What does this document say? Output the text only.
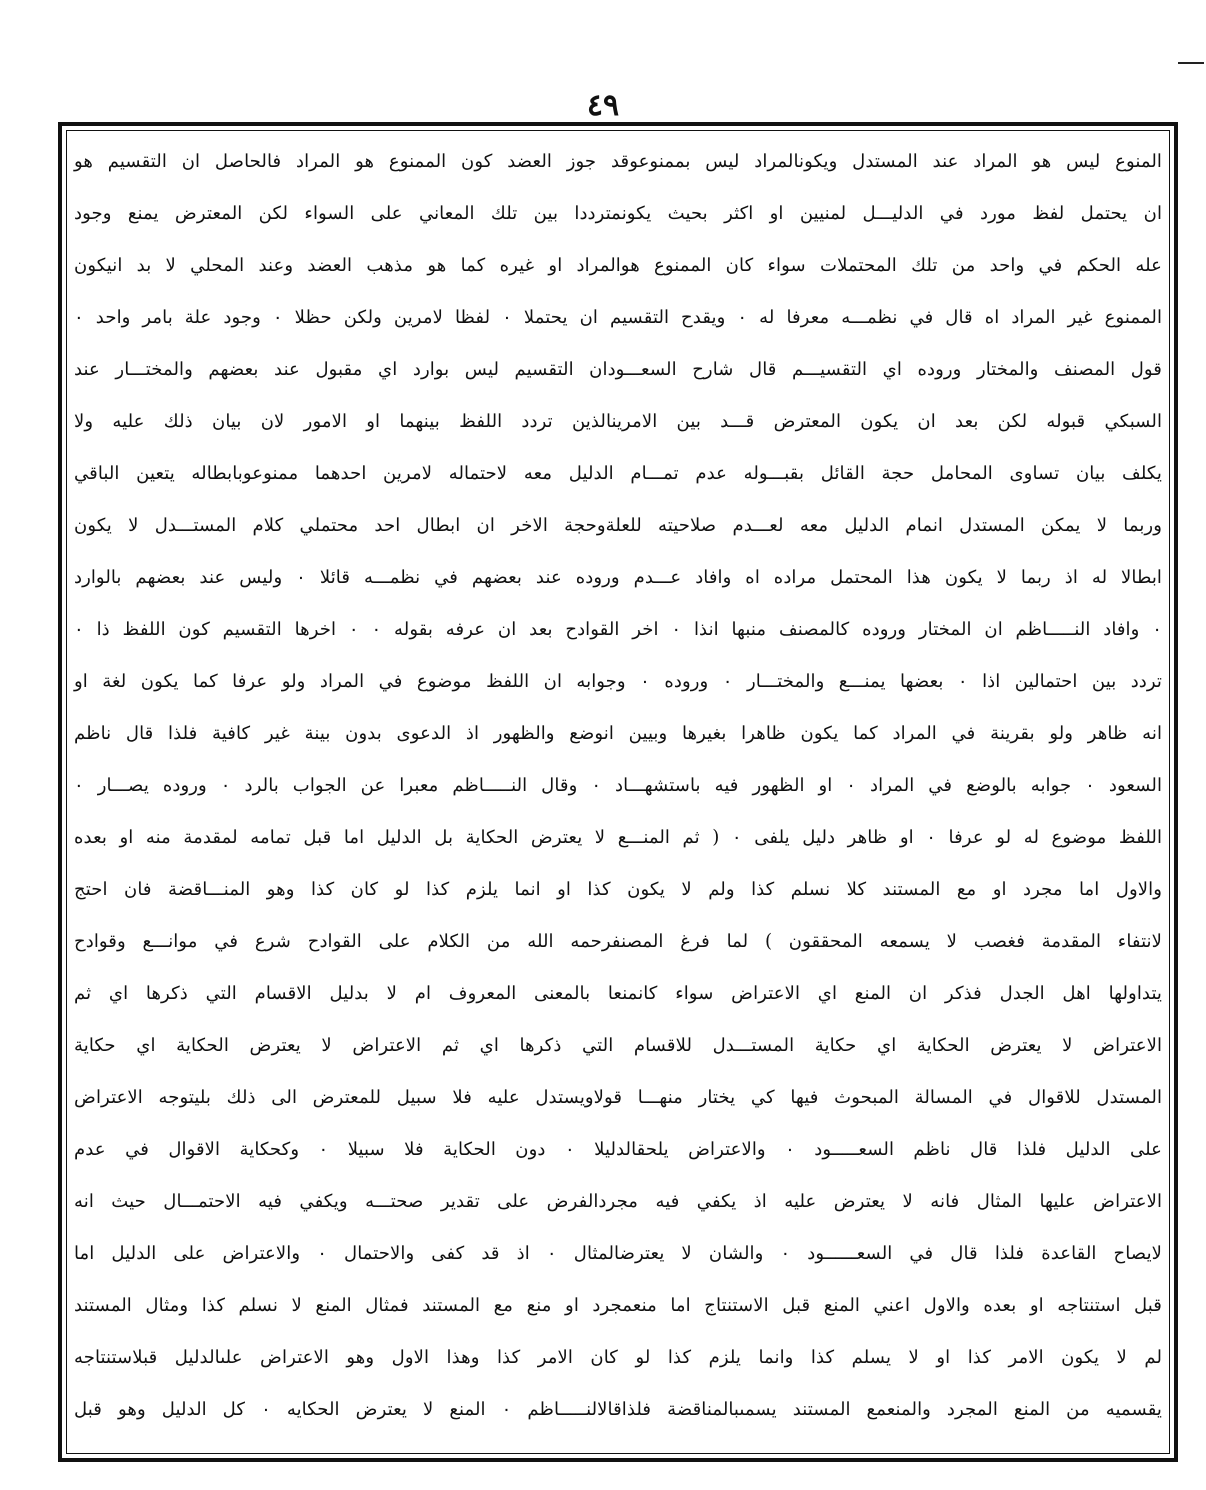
٤٩
المنوع ليس هو المراد عند المستدل ويكونالمراد ليس بممنوعوقد جوز العضد كون الممنوع هو المراد فالحاصل ان التقسيم هو
ان يحتمل لفظ مورد في الدليـــل لمنيين او اكثر بحيث يكونمترددا بين تلك المعاني على السواء لكن المعترض يمنع وجود
عله الحكم في واحد من تلك المحتملات سواء كان الممنوع هوالمراد او غيره كما هو مذهب العضد وعند المحلي لا بد انيكون
الممنوع غير المراد اه قال في نظمـــه معرفا له ٠ ويقدح التقسيم ان يحتملا ٠ لفظا لامرين ولكن حظلا ٠ وجود علة بامر واحد ٠
قول المصنف والمختار وروده اي التقسيـــم قال شارح السعـــودان التقسيم ليس بوارد اي مقبول عند بعضهم والمختـــار عند
السبكي قبوله لكن بعد ان يكون المعترض قـــد بين الامرينالذين تردد اللفظ بينهما او الامور لان بيان ذلك عليه ولا
يكلف بيان تساوى المحامل حجة القائل بقبـــوله عدم تمـــام الدليل معه لاحتماله لامرين احدهما ممنوعوبابطاله يتعين الباقي
وربما لا يمكن المستدل انمام الدليل معه لعـــدم صلاحيته للعلةوحجة الاخر ان ابطال احد محتملي كلام المستـــدل لا يكون
ابطالا له اذ ربما لا يكون هذا المحتمل مراده اه وافاد عـــدم وروده عند بعضهم في نظمـــه قائلا ٠ وليس عند بعضهم بالوارد
٠ وافاد النـــــاظم ان المختار وروده كالمصنف منبها انذا ٠ اخر القوادح بعد ان عرفه بقوله ٠ ٠ اخرها التقسيم كون اللفظ ذا ٠
تردد بين احتمالين اذا ٠ بعضها يمنـــع والمختـــار ٠ وروده ٠ وجوابه ان اللفظ موضوع في المراد ولو عرفا كما يكون لغة او
انه ظاهر ولو بقرينة في المراد كما يكون ظاهرا بغيرها وبيين انوضع والظهور اذ الدعوى بدون بينة غير كافية فلذا قال ناظم
السعود ٠ جوابه بالوضع في المراد ٠ او الظهور فيه باستشهـــاد ٠ وقال النـــــاظم معبرا عن الجواب بالرد ٠ وروده يصـــار ٠
اللفظ موضوع له لو عرفا ٠ او ظاهر دليل يلفى ٠ ( ثم المنـــع لا يعترض الحكاية بل الدليل اما قبل تمامه لمقدمة منه او بعده
والاول اما مجرد او مع المستند كلا نسلم كذا ولم لا يكون كذا او انما يلزم كذا لو كان كذا وهو المنـــاقضة فان احتج
لانتفاء المقدمة فغصب لا يسمعه المحققون ) لما فرغ المصنفرحمه الله من الكلام على القوادح شرع في موانـــع وقوادح
يتداولها اهل الجدل فذكر ان المنع اي الاعتراض سواء كانمنعا بالمعنى المعروف ام لا بدليل الاقسام التي ذكرها اي ثم
الاعتراض لا يعترض الحكاية اي حكاية المستـــدل للاقسام التي ذكرها اي ثم الاعتراض لا يعترض الحكاية اي حكاية
المستدل للاقوال في المسالة المبحوث فيها كي يختار منهـــا قولاويستدل عليه فلا سبيل للمعترض الى ذلك بليتوجه الاعتراض
على الدليل فلذا قال ناظم السعـــــود ٠ والاعتراض يلحقالدليلا ٠ دون الحكاية فلا سبيلا ٠ وكحكاية الاقوال في عدم
الاعتراض عليها المثال فانه لا يعترض عليه اذ يكفي فيه مجردالفرض على تقدير صحتـــه ويكفي فيه الاحتمـــال حيث انه
لايصاح القاعدة فلذا قال في السعــــــود ٠ والشان لا يعترضالمثال ٠ اذ قد كفى والاحتمال ٠ والاعتراض على الدليل اما
قبل استنتاجه او بعده والاول اعني المنع قبل الاستنتاج اما منعمجرد او منع مع المستند فمثال المنع لا نسلم كذا ومثال المستند
لم لا يكون الامر كذا او لا يسلم كذا وانما يلزم كذا لو كان الامر كذا وهذا الاول وهو الاعتراض علىالدليل قبلاستنتاجه
يقسميه من المنع المجرد والمنعمع المستند يسمىبالمناقضة فلذاقالالنـــــاظم ٠ المنع لا يعترض الحكايه ٠ كل الدليل وهو قبل
